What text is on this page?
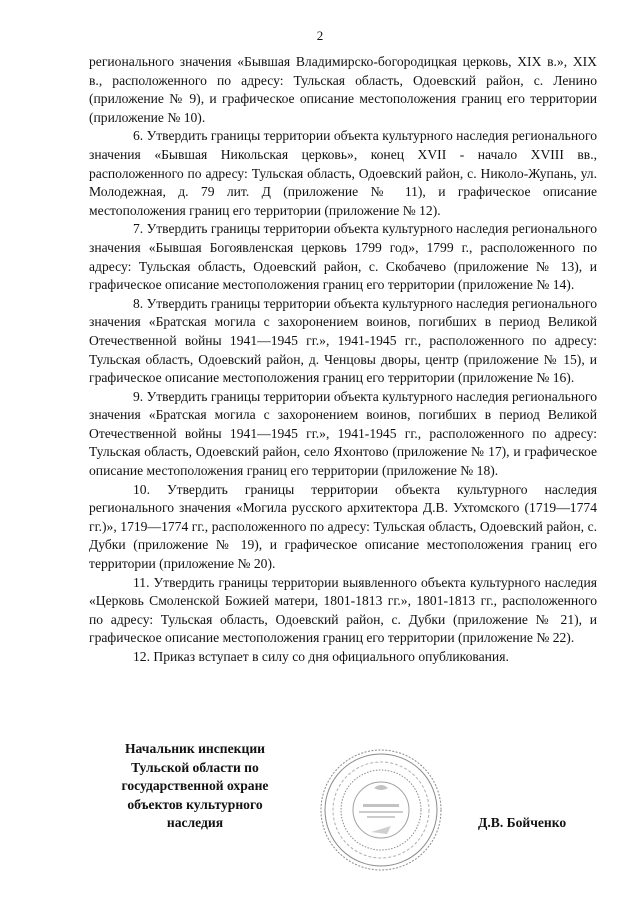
2

регионального значения «Бывшая Владимирско-богородицкая церковь, XIX в.», XIX в., расположенного по адресу: Тульская область, Одоевский район, с. Ленино (приложение № 9), и графическое описание местоположения границ его территории (приложение № 10).

6. Утвердить границы территории объекта культурного наследия регионального значения «Бывшая Никольская церковь», конец XVII - начало XVIII вв., расположенного по адресу: Тульская область, Одоевский район, с. Николо-Жупань, ул. Молодежная, д. 79 лит. Д (приложение № 11), и графическое описание местоположения границ его территории (приложение № 12).

7. Утвердить границы территории объекта культурного наследия регионального значения «Бывшая Богоявленская церковь 1799 год», 1799 г., расположенного по адресу: Тульская область, Одоевский район, с. Скобачево (приложение № 13), и графическое описание местоположения границ его территории (приложение № 14).

8. Утвердить границы территории объекта культурного наследия регионального значения «Братская могила с захоронением воинов, погибших в период Великой Отечественной войны 1941—1945 гг.», 1941-1945 гг., расположенного по адресу: Тульская область, Одоевский район, д. Ченцовы дворы, центр (приложение № 15), и графическое описание местоположения границ его территории (приложение № 16).

9. Утвердить границы территории объекта культурного наследия регионального значения «Братская могила с захоронением воинов, погибших в период Великой Отечественной войны 1941—1945 гг.», 1941-1945 гг., расположенного по адресу: Тульская область, Одоевский район, село Яхонтово (приложение № 17), и графическое описание местоположения границ его территории (приложение № 18).

10. Утвердить границы территории объекта культурного наследия регионального значения «Могила русского архитектора Д.В. Ухтомского (1719—1774 гг.)», 1719—1774 гг., расположенного по адресу: Тульская область, Одоевский район, с. Дубки (приложение № 19), и графическое описание местоположения границ его территории (приложение № 20).

11. Утвердить границы территории выявленного объекта культурного наследия «Церковь Смоленской Божией матери, 1801-1813 гг.», 1801-1813 гг., расположенного по адресу: Тульская область, Одоевский район, с. Дубки (приложение № 21), и графическое описание местоположения границ его территории (приложение № 22).

12. Приказ вступает в силу со дня официального опубликования.

Начальник инспекции Тульской области по государственной охране объектов культурного наследия	Д.В. Бойченко
